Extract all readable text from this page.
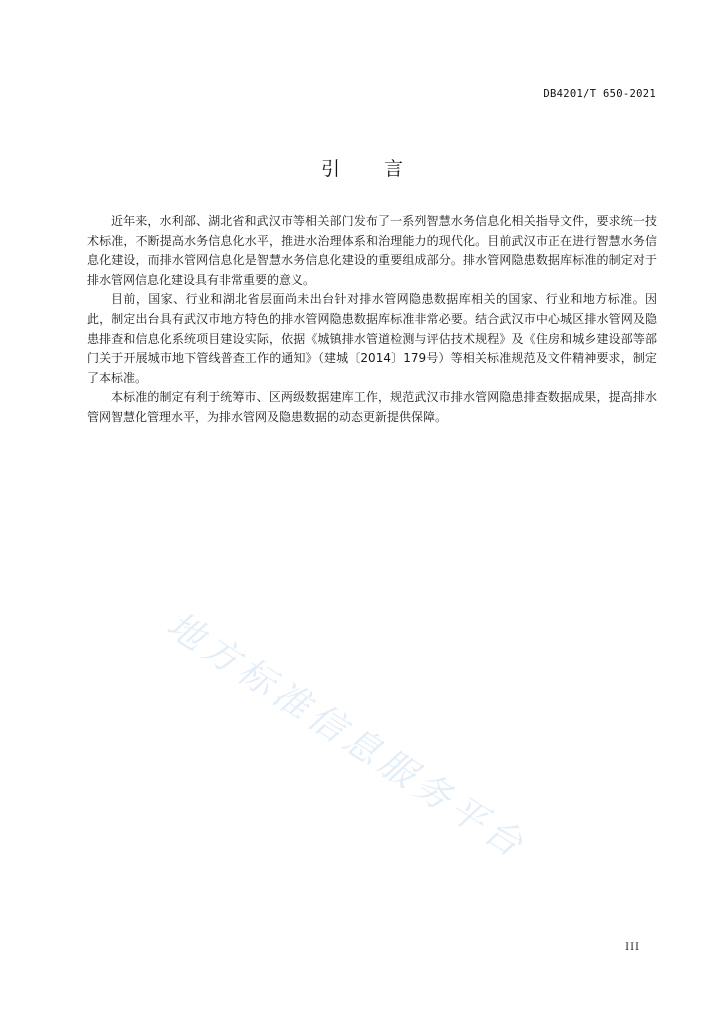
DB4201/T 650-2021
引言

近年来，水利部、湖北省和武汉市等相关部门发布了一系列智慧水务信息化相关指导文件，要求统一技术标准，不断提高水务信息化水平，推进水治理体系和治理能力的现代化。目前武汉市正在进行智慧水务信息化建设，而排水管网信息化是智慧水务信息化建设的重要组成部分。排水管网隐患数据库标准的制定对于排水管网信息化建设具有非常重要的意义。

目前，国家、行业和湖北省层面尚未出台针对排水管网隐患数据库相关的国家、行业和地方标准。因此，制定出台具有武汉市地方特色的排水管网隐患数据库标准非常必要。结合武汉市中心城区排水管网及隐患排查和信息化系统项目建设实际，依据《城镇排水管道检测与评估技术规程》及《住房和城乡建设部等部门关于开展城市地下管线普查工作的通知》（建城〔2014〕179号）等相关标准规范及文件精神要求，制定了本标准。

本标准的制定有利于统筹市、区两级数据建库工作，规范武汉市排水管网隐患排查数据成果，提高排水管网智慧化管理水平，为排水管网及隐患数据的动态更新提供保障。

地方标准信息服务平台
III
